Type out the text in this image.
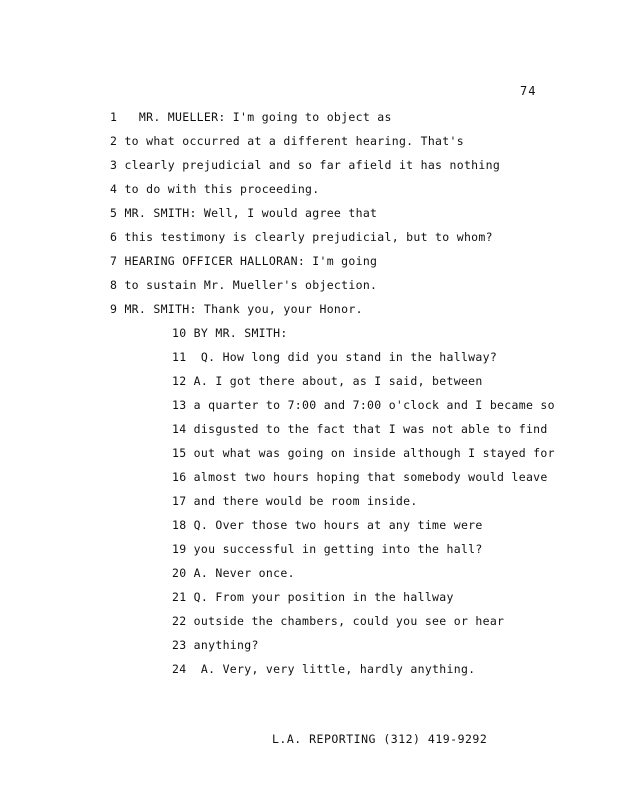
74
1   MR. MUELLER: I'm going to object as
2 to what occurred at a different hearing. That's
3 clearly prejudicial and so far afield it has nothing
4 to do with this proceeding.
5 MR. SMITH: Well, I would agree that
6 this testimony is clearly prejudicial, but to whom?
7 HEARING OFFICER HALLORAN: I'm going
8 to sustain Mr. Mueller's objection.
9 MR. SMITH: Thank you, your Honor.
10 BY MR. SMITH:
11  Q. How long did you stand in the hallway?
12 A. I got there about, as I said, between
13 a quarter to 7:00 and 7:00 o'clock and I became so
14 disgusted to the fact that I was not able to find
15 out what was going on inside although I stayed for
16 almost two hours hoping that somebody would leave
17 and there would be room inside.
18 Q. Over those two hours at any time were
19 you successful in getting into the hall?
20 A. Never once.
21 Q. From your position in the hallway
22 outside the chambers, could you see or hear
23 anything?
24  A. Very, very little, hardly anything.
L.A. REPORTING (312) 419-9292
